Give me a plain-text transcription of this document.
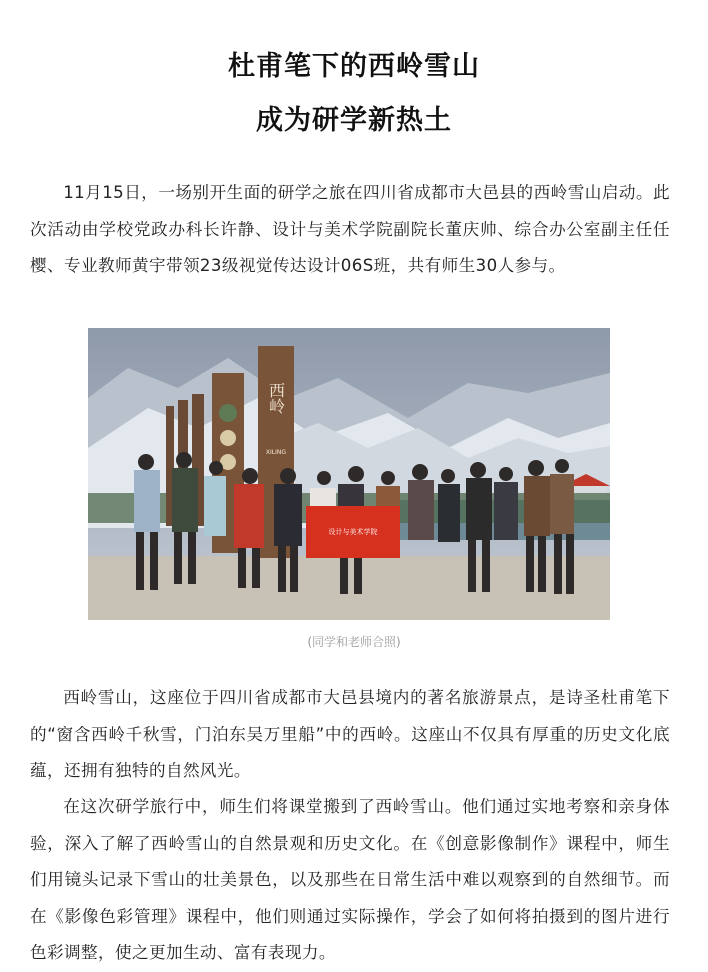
杜甫笔下的西岭雪山
成为研学新热土

11月15日，一场别开生面的研学之旅在四川省成都市大邑县的西岭雪山启动。此次活动由学校党政办科长许静、设计与美术学院副院长董庆帅、综合办公室副主任任樱、专业教师黄宇带领23级视觉传达设计06S班，共有师生30人参与。

西岭
XILING
设计与美术学院
(同学和老师合照)

西岭雪山，这座位于四川省成都市大邑县境内的著名旅游景点，是诗圣杜甫笔下的“窗含西岭千秋雪，门泊东吴万里船”中的西岭。这座山不仅具有厚重的历史文化底蕴，还拥有独特的自然风光。

在这次研学旅行中，师生们将课堂搬到了西岭雪山。他们通过实地考察和亲身体验，深入了解了西岭雪山的自然景观和历史文化。在《创意影像制作》课程中，师生们用镜头记录下雪山的壮美景色，以及那些在日常生活中难以观察到的自然细节。而在《影像色彩管理》课程中，他们则通过实际操作，学会了如何将拍摄到的图片进行色彩调整，使之更加生动、富有表现力。
